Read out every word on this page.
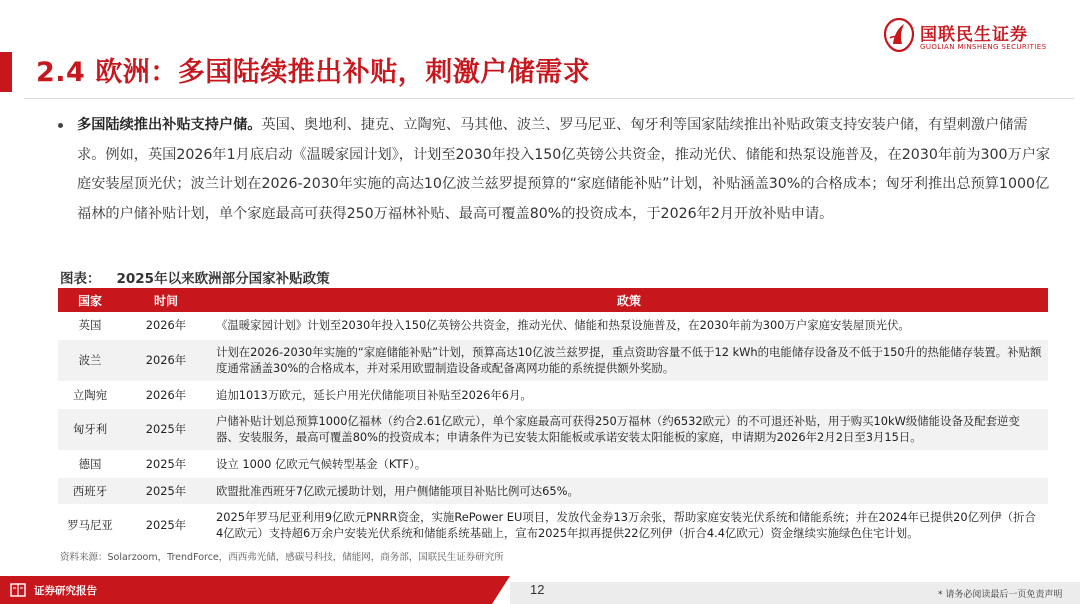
国联民生证券
GUOLIAN MINSHENG SECURITIES
2.4 欧洲：多国陆续推出补贴，刺激户储需求
多国陆续推出补贴支持户储。英国、奥地利、捷克、立陶宛、马其他、波兰、罗马尼亚、匈牙利等国家陆续推出补贴政策支持安装户储，有望刺激户储需求。例如，英国2026年1月底启动《温暖家园计划》，计划至2030年投入150亿英镑公共资金，推动光伏、储能和热泵设施普及，在2030年前为300万户家庭安装屋顶光伏；波兰计划在2026-2030年实施的高达10亿波兰兹罗提预算的“家庭储能补贴”计划，补贴涵盖30%的合格成本；匈牙利推出总预算1000亿福林的户储补贴计划，单个家庭最高可获得250万福林补贴、最高可覆盖80%的投资成本，于2026年2月开放补贴申请。
图表： 2025年以来欧洲部分国家补贴政策
国家	时间	政策
英国	2026年	《温暖家园计划》计划至2030年投入150亿英镑公共资金，推动光伏、储能和热泵设施普及，在2030年前为300万户家庭安装屋顶光伏。
波兰	2026年	计划在2026-2030年实施的“家庭储能补贴”计划，预算高达10亿波兰兹罗提，重点资助容量不低于12 kWh的电能储存设备及不低于150升的热能储存装置。补贴额度通常涵盖30%的合格成本，并对采用欧盟制造设备或配备离网功能的系统提供额外奖励。
立陶宛	2026年	追加1013万欧元，延长户用光伏储能项目补贴至2026年6月。
匈牙利	2025年	户储补贴计划总预算1000亿福林（约合2.61亿欧元），单个家庭最高可获得250万福林（约6532欧元）的不可退还补贴，用于购买10kW级储能设备及配套逆变器、安装服务，最高可覆盖80%的投资成本；申请条件为已安装太阳能板或承诺安装太阳能板的家庭，申请期为2026年2月2日至3月15日。
德国	2025年	设立 1000 亿欧元气候转型基金（KTF）。
西班牙	2025年	欧盟批准西班牙7亿欧元援助计划，用户侧储能项目补贴比例可达65%。
罗马尼亚	2025年	2025年罗马尼亚利用9亿欧元PNRR资金，实施RePower EU项目，发放代金券13万余张，帮助家庭安装光伏系统和储能系统；并在2024年已提供20亿列伊（折合4亿欧元）支持超6万余户安装光伏系统和储能系统基础上，宣布2025年拟再提供22亿列伊（折合4.4亿欧元）资金继续实施绿色住宅计划。
资料来源：Solarzoom，TrendForce，西西弗光储，感碳号科技，储能网，商务部，国联民生证券研究所
证券研究报告	12	* 请务必阅读最后一页免责声明
